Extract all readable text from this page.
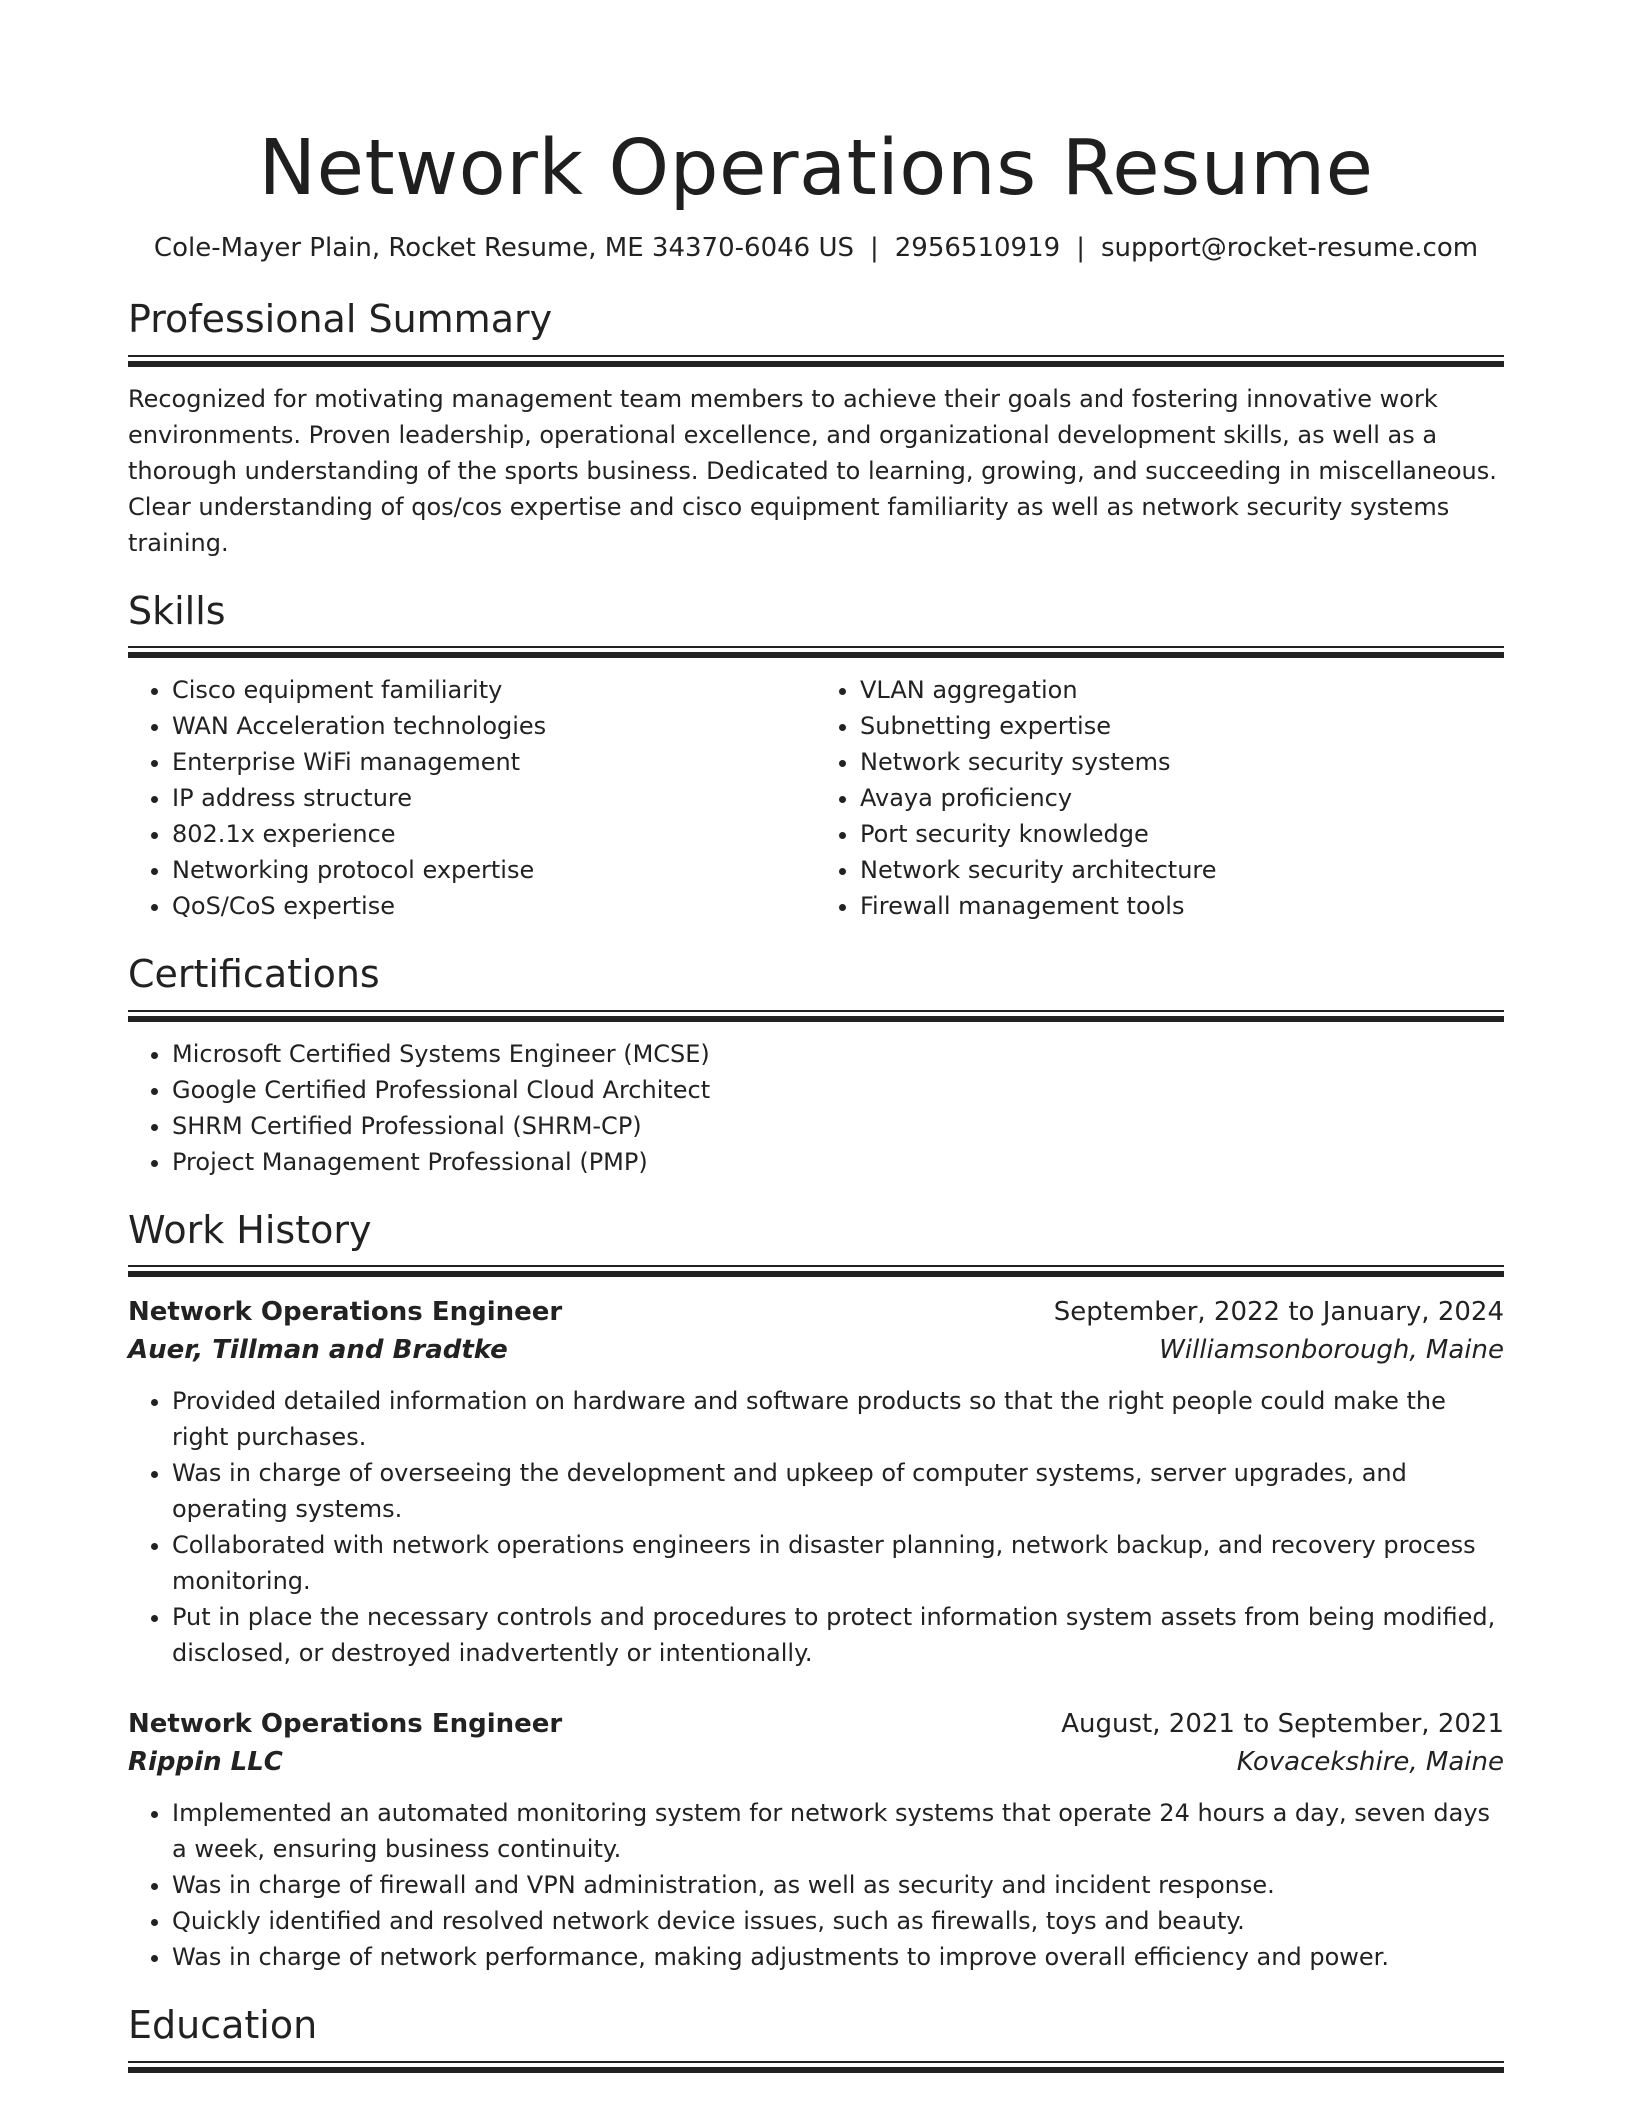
Network Operations Resume
Cole-Mayer Plain, Rocket Resume, ME 34370-6046 US | 2956510919 | support@rocket-resume.com
Professional Summary
Recognized for motivating management team members to achieve their goals and fostering innovative work environments. Proven leadership, operational excellence, and organizational development skills, as well as a thorough understanding of the sports business. Dedicated to learning, growing, and succeeding in miscellaneous. Clear understanding of qos/cos expertise and cisco equipment familiarity as well as network security systems training.
Skills
• Cisco equipment familiarity
• WAN Acceleration technologies
• Enterprise WiFi management
• IP address structure
• 802.1x experience
• Networking protocol expertise
• QoS/CoS expertise
• VLAN aggregation
• Subnetting expertise
• Network security systems
• Avaya proficiency
• Port security knowledge
• Network security architecture
• Firewall management tools
Certifications
• Microsoft Certified Systems Engineer (MCSE)
• Google Certified Professional Cloud Architect
• SHRM Certified Professional (SHRM-CP)
• Project Management Professional (PMP)
Work History
Network Operations Engineer	September, 2022 to January, 2024
Auer, Tillman and Bradtke	Williamsonborough, Maine
• Provided detailed information on hardware and software products so that the right people could make the right purchases.
• Was in charge of overseeing the development and upkeep of computer systems, server upgrades, and operating systems.
• Collaborated with network operations engineers in disaster planning, network backup, and recovery process monitoring.
• Put in place the necessary controls and procedures to protect information system assets from being modified, disclosed, or destroyed inadvertently or intentionally.
Network Operations Engineer	August, 2021 to September, 2021
Rippin LLC	Kovacekshire, Maine
• Implemented an automated monitoring system for network systems that operate 24 hours a day, seven days a week, ensuring business continuity.
• Was in charge of firewall and VPN administration, as well as security and incident response.
• Quickly identified and resolved network device issues, such as firewalls, toys and beauty.
• Was in charge of network performance, making adjustments to improve overall efficiency and power.
Education
